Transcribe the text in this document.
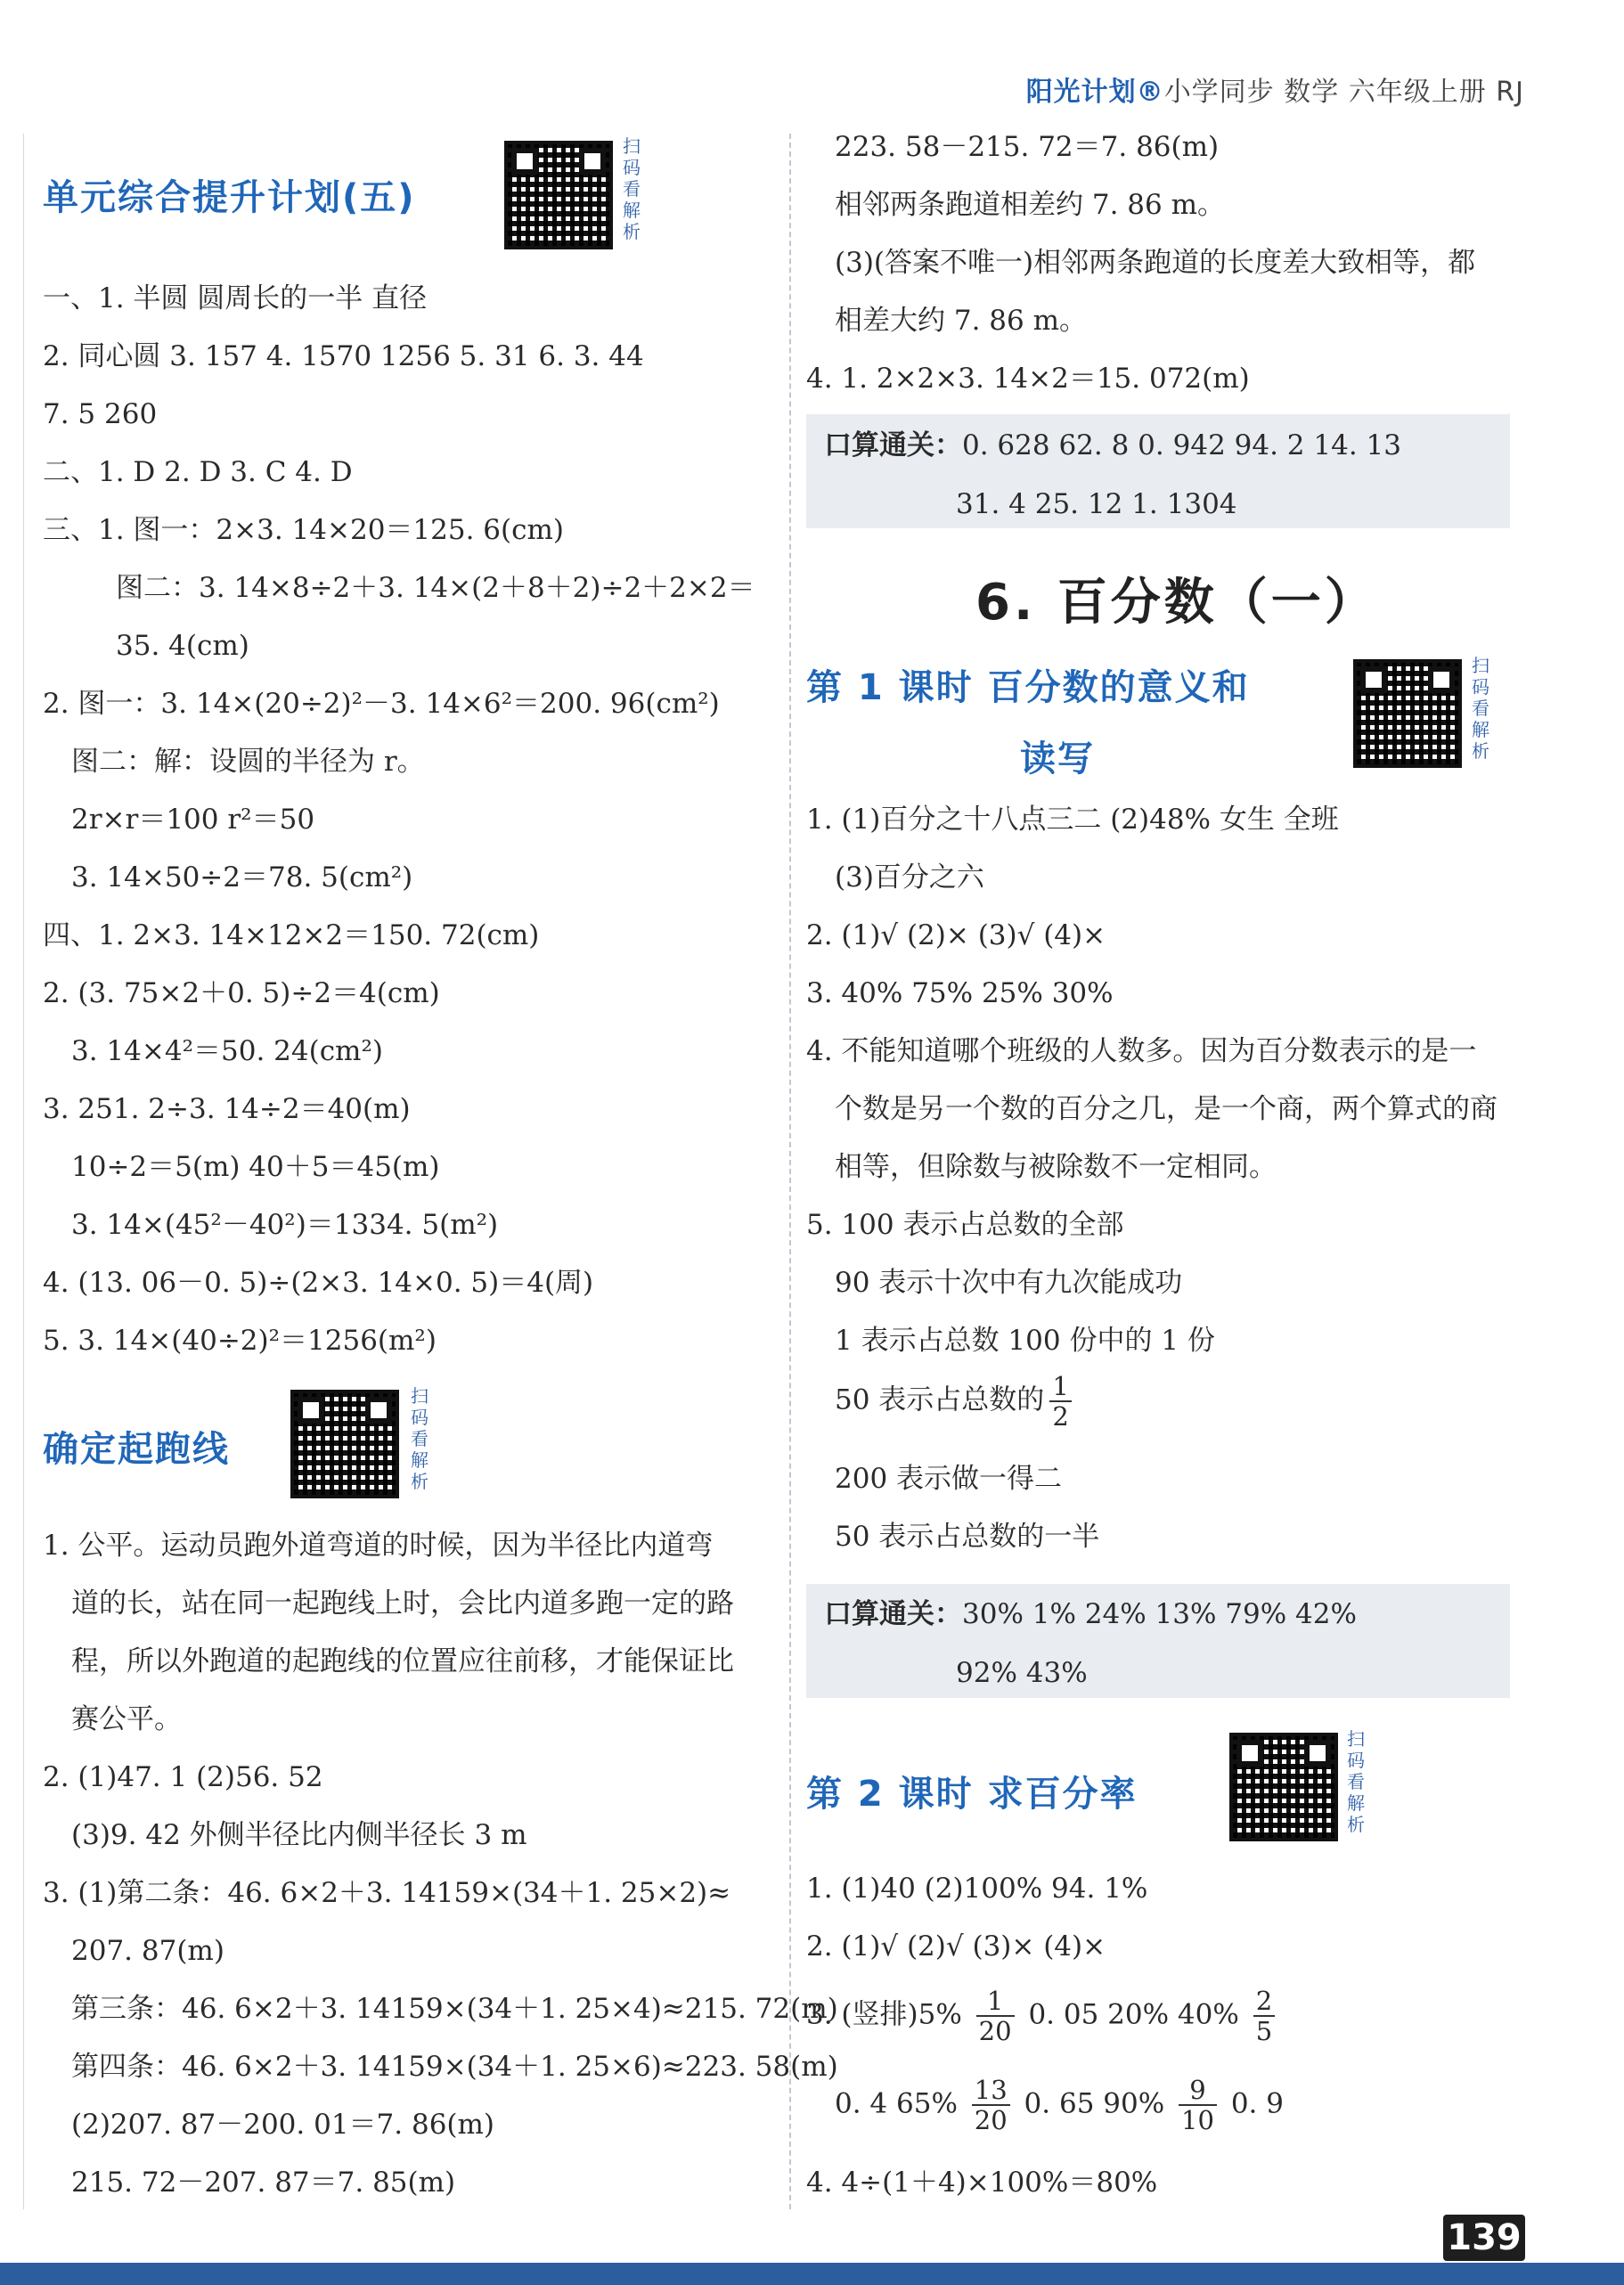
阳光计划®小学同步 数学 六年级上册 RJ
单元综合提升计划(五)
扫码看解析
一、1. 半圆 圆周长的一半 直径
2. 同心圆 3. 157 4. 1570 1256 5. 31 6. 3. 44
7. 5 260
二、1. D 2. D 3. C 4. D
三、1. 图一：2×3. 14×20＝125. 6(cm)
图二：3. 14×8÷2＋3. 14×(2＋8＋2)÷2＋2×2＝
35. 4(cm)
2. 图一：3. 14×(20÷2)²－3. 14×6²＝200. 96(cm²)
图二：解：设圆的半径为 r。
2r×r＝100 r²＝50
3. 14×50÷2＝78. 5(cm²)
四、1. 2×3. 14×12×2＝150. 72(cm)
2. (3. 75×2＋0. 5)÷2＝4(cm)
3. 14×4²＝50. 24(cm²)
3. 251. 2÷3. 14÷2＝40(m)
10÷2＝5(m) 40＋5＝45(m)
3. 14×(45²－40²)＝1334. 5(m²)
4. (13. 06－0. 5)÷(2×3. 14×0. 5)＝4(周)
5. 3. 14×(40÷2)²＝1256(m²)
确定起跑线
扫码看解析
1. 公平。运动员跑外道弯道的时候，因为半径比内道弯
道的长，站在同一起跑线上时，会比内道多跑一定的路
程，所以外跑道的起跑线的位置应往前移，才能保证比
赛公平。
2. (1)47. 1 (2)56. 52
(3)9. 42 外侧半径比内侧半径长 3 m
3. (1)第二条：46. 6×2＋3. 14159×(34＋1. 25×2)≈
207. 87(m)
第三条：46. 6×2＋3. 14159×(34＋1. 25×4)≈215. 72(m)
第四条：46. 6×2＋3. 14159×(34＋1. 25×6)≈223. 58(m)
(2)207. 87－200. 01＝7. 86(m)
215. 72－207. 87＝7. 85(m)
223. 58－215. 72＝7. 86(m)
相邻两条跑道相差约 7. 86 m。
(3)(答案不唯一)相邻两条跑道的长度差大致相等，都
相差大约 7. 86 m。
4. 1. 2×2×3. 14×2＝15. 072(m)
口算通关：0. 628 62. 8 0. 942 94. 2 14. 13
31. 4 25. 12 1. 1304
6. 百分数（一）
第 1 课时 百分数的意义和
读写
扫码看解析
1. (1)百分之十八点三二 (2)48% 女生 全班
(3)百分之六
2. (1)√ (2)× (3)√ (4)×
3. 40% 75% 25% 30%
4. 不能知道哪个班级的人数多。因为百分数表示的是一
个数是另一个数的百分之几，是一个商，两个算式的商
相等，但除数与被除数不一定相同。
5. 100 表示占总数的全部
90 表示十次中有九次能成功
1 表示占总数 100 份中的 1 份
50 表示占总数的 $\frac{1}{2}$
200 表示做一得二
50 表示占总数的一半
口算通关：30% 1% 24% 13% 79% 42%
92% 43%
第 2 课时 求百分率
扫码看解析
1. (1)40 (2)100% 94. 1%
2. (1)√ (2)√ (3)× (4)×
3. (竖排)$5\% \frac{1}{20} 0$. 05 20% $40\% \frac{2}{5}$
0. 4 $65\% \frac{13}{20} 0$. 65 $90\% \frac{9}{10} 0$. 9
4. 4÷(1＋4)×100%＝80%
139
